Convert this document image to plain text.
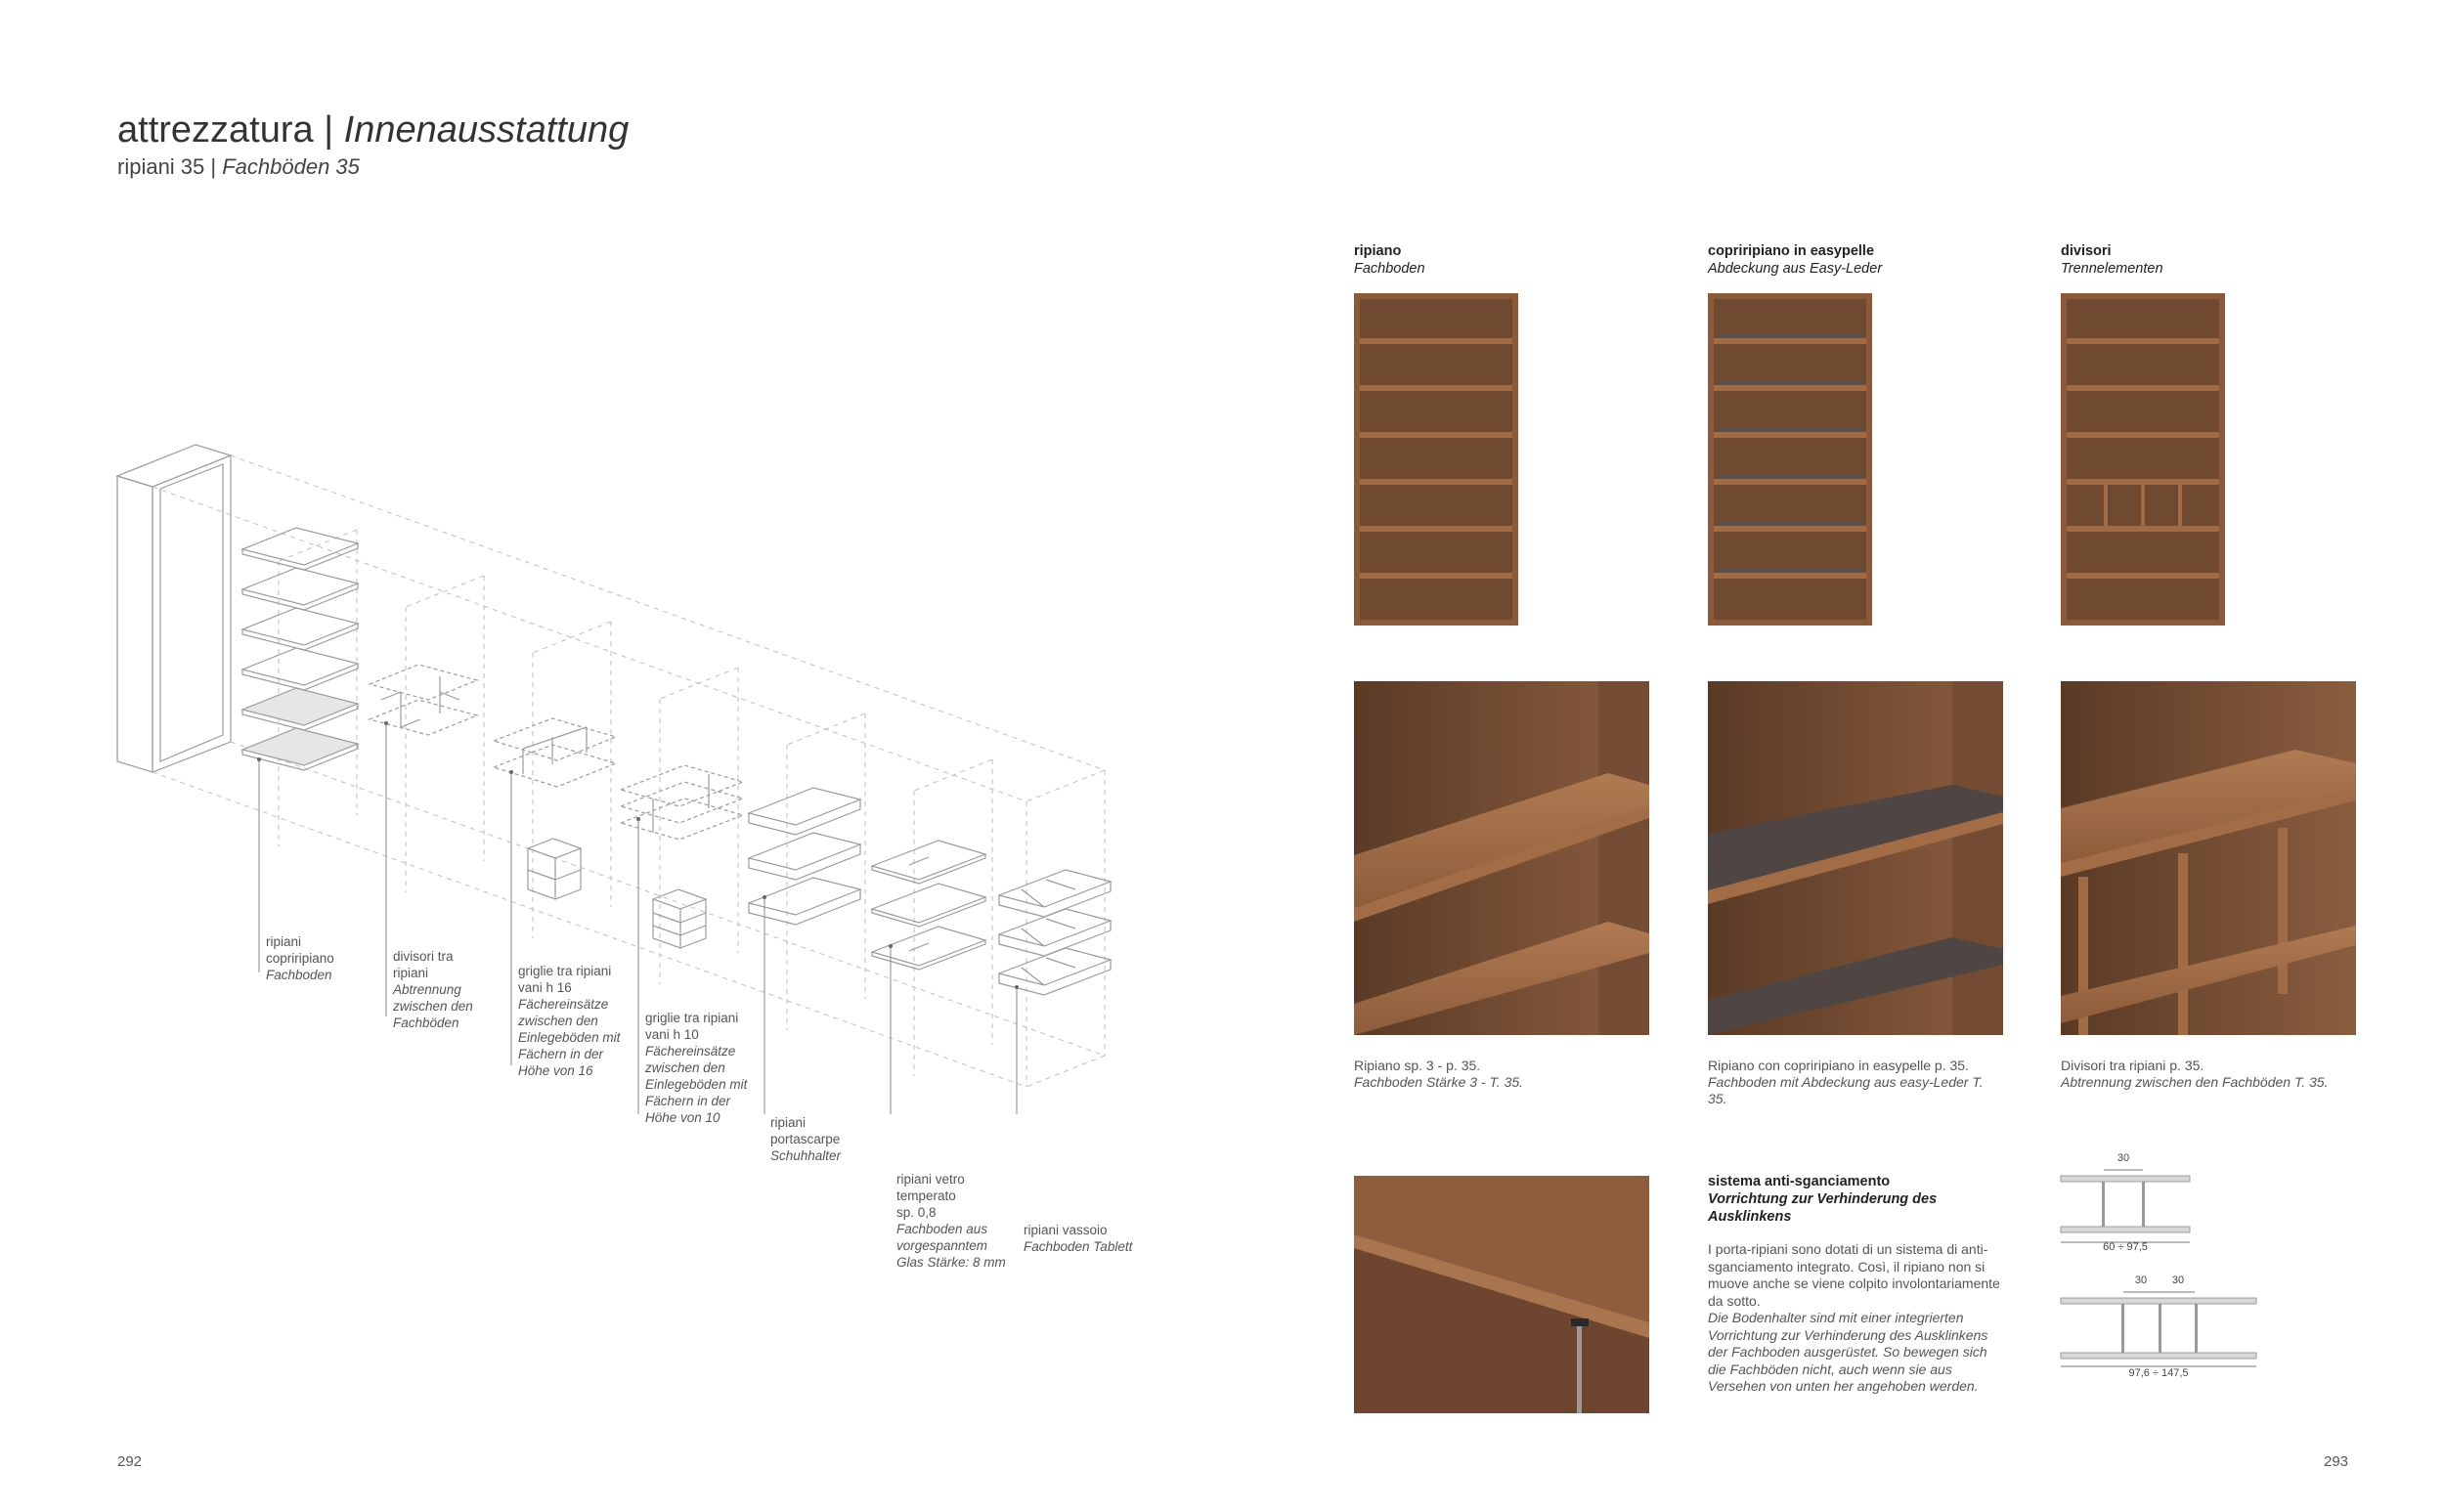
attrezzatura | Innenausstattung
ripiani 35 | Fachböden 35
ripiani
copriripiano
Fachboden
divisori tra
ripiani
Abtrennung
zwischen den
Fachböden
griglie tra ripiani
vani h 16
Fächereinsätze
zwischen den
Einlegeböden mit
Fächern in der
Höhe von 16
griglie tra ripiani
vani h 10
Fächereinsätze
zwischen den
Einlegeböden mit
Fächern in der
Höhe von 10	ripiani
portascarpe
Schuhhalter
ripiani vetro
temperato
sp. 0,8
Fachboden aus
vorgespanntem
Glas Stärke: 8 mm
ripiani vassoio
Fachboden Tablett
ripiano
Fachboden
copriripiano in easypelle
Abdeckung aus Easy-Leder
divisori
Trennelementen
Ripiano sp. 3 - p. 35.
Fachboden Stärke 3 - T. 35.
Ripiano con copriripiano in easypelle p. 35.
Fachboden mit Abdeckung aus easy-Leder T. 35.
Divisori tra ripiani p. 35.
Abtrennung zwischen den Fachböden T. 35.
sistema anti-sganciamento
Vorrichtung zur Verhinderung des Ausklinkens
I porta-ripiani sono dotati di un sistema di anti-sganciamento integrato. Così, il ripiano non si muove anche se viene colpito involontariamente da sotto.
Die Bodenhalter sind mit einer integrierten Vorrichtung zur Verhinderung des Ausklinkens der Fachboden ausgerüstet. So bewegen sich die Fachböden nicht, auch wenn sie aus Versehen von unten her angehoben werden.
30
60 ÷ 97,5
30 30
97,6 ÷ 147,5
292	293
